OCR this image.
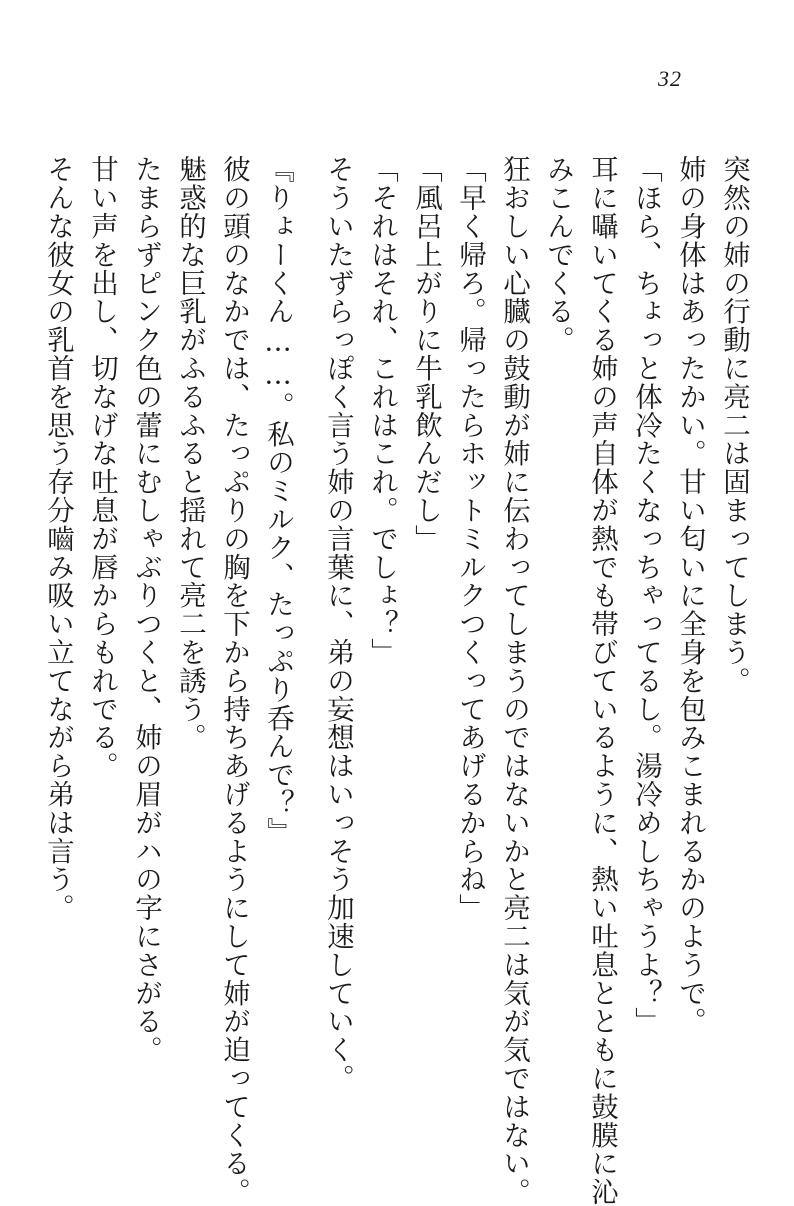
32
突然の姉の行動に亮二は固まってしまう。
姉の身体はあったかい。甘い匂いに全身を包みこまれるかのようで。
「ほら、ちょっと体冷たくなっちゃってるし。湯冷めしちゃうよ？」
耳に囁いてくる姉の声自体が熱でも帯びているように、熱い吐息とともに鼓膜に沁
みこんでくる。
狂おしい心臓の鼓動が姉に伝わってしまうのではないかと亮二は気が気ではない。
「早く帰ろ。帰ったらホットミルクつくってあげるからね」
「風呂上がりに牛乳飲んだし」
「それはそれ、これはこれ。でしょ？」
そういたずらっぽく言う姉の言葉に、弟の妄想はいっそう加速していく。
『りょーくん……。私のミルク、たっぷり呑んで？』
彼の頭のなかでは、たっぷりの胸を下から持ちあげるようにして姉が迫ってくる。
魅惑的な巨乳がふるふると揺れて亮二を誘う。
たまらずピンク色の蕾にむしゃぶりつくと、姉の眉がハの字にさがる。
甘い声を出し、切なげな吐息が唇からもれでる。
そんな彼女の乳首を思う存分嚙み吸い立てながら弟は言う。
